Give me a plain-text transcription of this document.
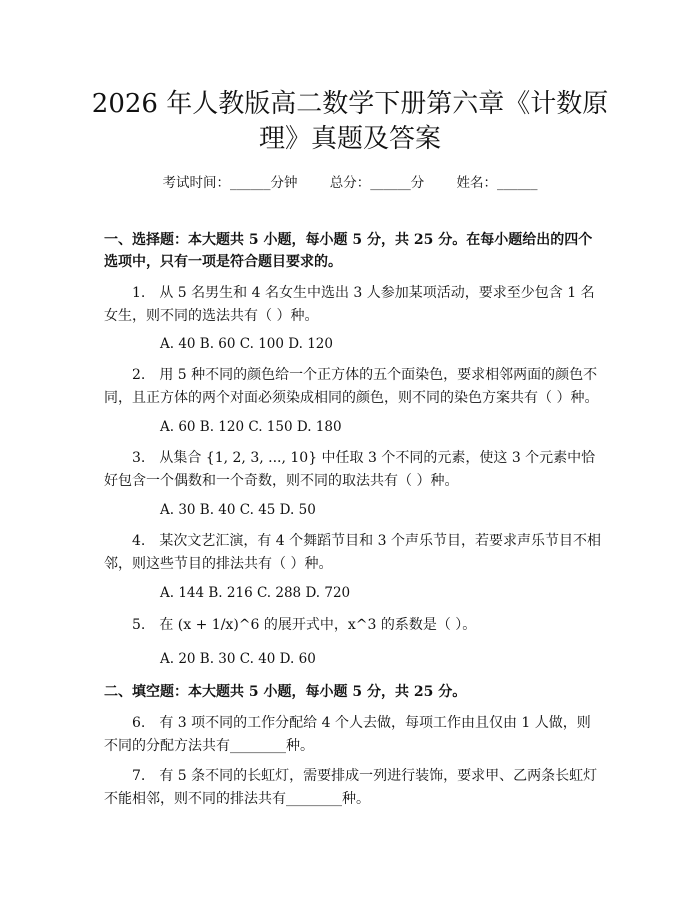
2026 年人教版高二数学下册第六章《计数原
理》真题及答案
考试时间：______分钟 总分：______分 姓名：______
一、选择题：本大题共 5 小题，每小题 5 分，共 25 分。在每小题给出的四个选项中，只有一项是符合题目要求的。
1.　从 5 名男生和 4 名女生中选出 3 人参加某项活动，要求至少包含 1 名女生，则不同的选法共有（ ）种。
A. 40 B. 60 C. 100 D. 120
2.　用 5 种不同的颜色给一个正方体的五个面染色，要求相邻两面的颜色不同，且正方体的两个对面必须染成相同的颜色，则不同的染色方案共有（ ）种。
A. 60 B. 120 C. 150 D. 180
3.　从集合 {1, 2, 3, ..., 10} 中任取 3 个不同的元素，使这 3 个元素中恰好包含一个偶数和一个奇数，则不同的取法共有（ ）种。
A. 30 B. 40 C. 45 D. 50
4.　某次文艺汇演，有 4 个舞蹈节目和 3 个声乐节目，若要求声乐节目不相邻，则这些节目的排法共有（ ）种。
A. 144 B. 216 C. 288 D. 720
5.　在 (x + 1/x)^6 的展开式中，x^3 的系数是（ ）。
A. 20 B. 30 C. 40 D. 60
二、填空题：本大题共 5 小题，每小题 5 分，共 25 分。
6.　有 3 项不同的工作分配给 4 个人去做，每项工作由且仅由 1 人做，则不同的分配方法共有________种。
7.　有 5 条不同的长虹灯，需要排成一列进行装饰，要求甲、乙两条长虹灯不能相邻，则不同的排法共有________种。
